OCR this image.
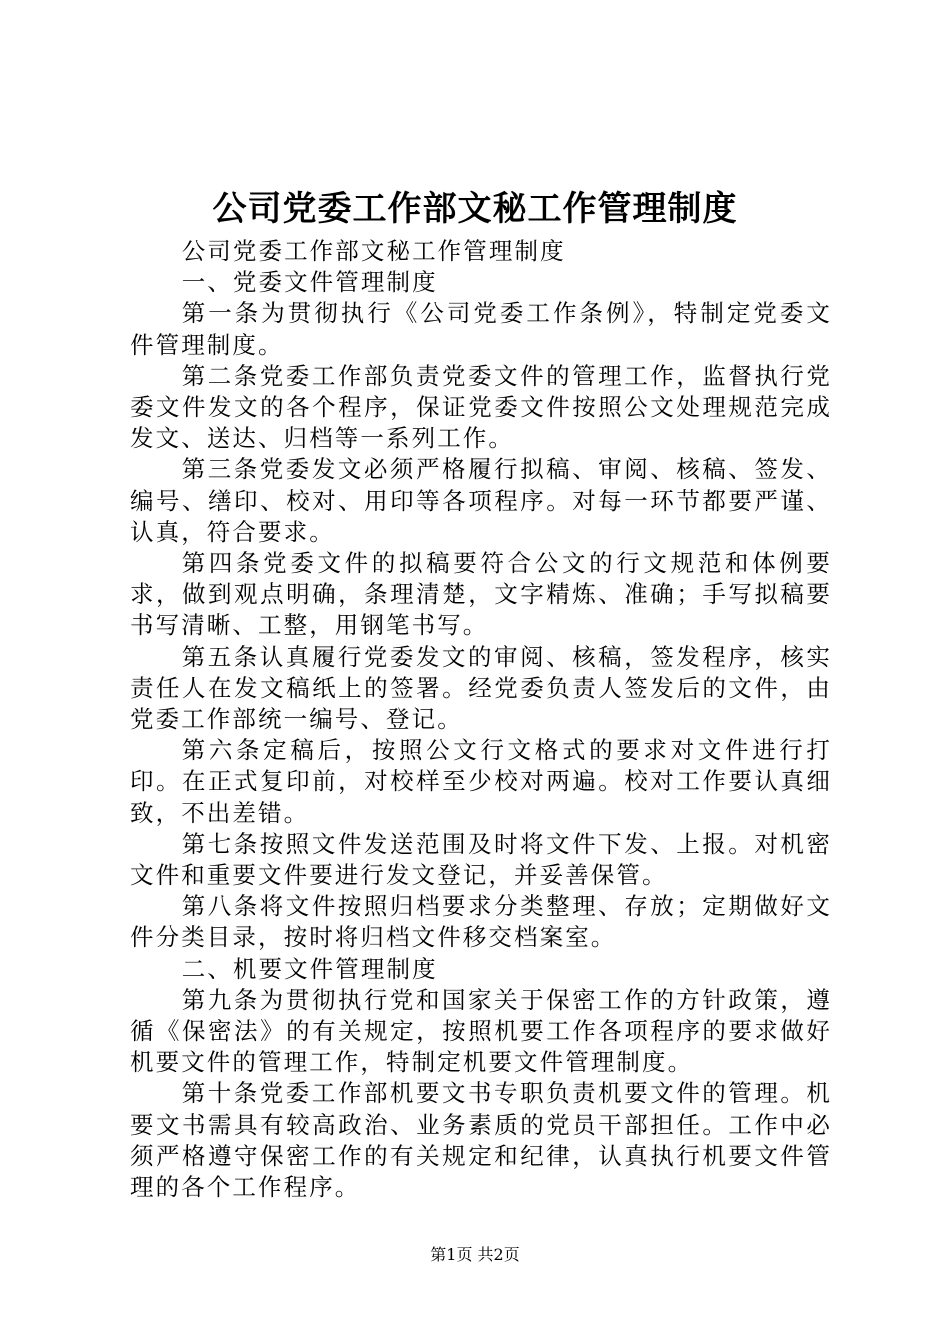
公司党委工作部文秘工作管理制度

公司党委工作部文秘工作管理制度

一、党委文件管理制度

第一条为贯彻执行《公司党委工作条例》，特制定党委文件管理制度。

第二条党委工作部负责党委文件的管理工作，监督执行党委文件发文的各个程序，保证党委文件按照公文处理规范完成发文、送达、归档等一系列工作。

第三条党委发文必须严格履行拟稿、审阅、核稿、签发、编号、缮印、校对、用印等各项程序。对每一环节都要严谨、认真，符合要求。

第四条党委文件的拟稿要符合公文的行文规范和体例要求，做到观点明确，条理清楚，文字精炼、准确；手写拟稿要书写清晰、工整，用钢笔书写。

第五条认真履行党委发文的审阅、核稿，签发程序，核实责任人在发文稿纸上的签署。经党委负责人签发后的文件，由党委工作部统一编号、登记。

第六条定稿后，按照公文行文格式的要求对文件进行打印。在正式复印前，对校样至少校对两遍。校对工作要认真细致，不出差错。

第七条按照文件发送范围及时将文件下发、上报。对机密文件和重要文件要进行发文登记，并妥善保管。

第八条将文件按照归档要求分类整理、存放；定期做好文件分类目录，按时将归档文件移交档案室。

二、机要文件管理制度

第九条为贯彻执行党和国家关于保密工作的方针政策，遵循《保密法》的有关规定，按照机要工作各项程序的要求做好机要文件的管理工作，特制定机要文件管理制度。

第十条党委工作部机要文书专职负责机要文件的管理。机要文书需具有较高政治、业务素质的党员干部担任。工作中必须严格遵守保密工作的有关规定和纪律，认真执行机要文件管理的各个工作程序。

第1页 共2页
